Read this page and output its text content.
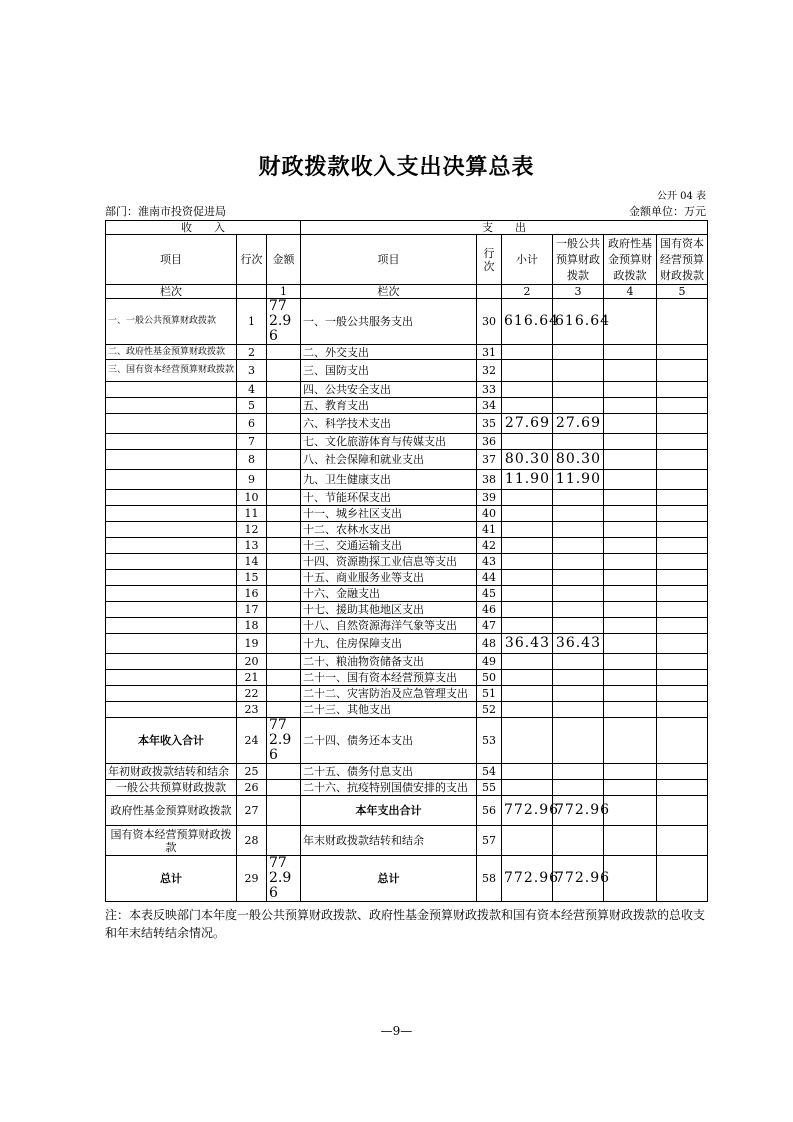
财政拨款收入支出决算总表
公开 04 表
部门：淮南市投资促进局	金额单位：万元
收　　入			支　　出					
项目	行次	金额	项目	行次	小计	一般公共预算财政拨款	政府性基金预算财政拨款	国有资本经营预算财政拨款
栏次		1	栏次		2	3	4	5
一、一般公共预算财政拨款	1	772.96	一、一般公共服务支出	30	616.64	616.64		
二、政府性基金预算财政拨款	2		二、外交支出	31				
三、国有资本经营预算财政拨款	3		三、国防支出	32				
	4		四、公共安全支出	33				
	5		五、教育支出	34				
	6		六、科学技术支出	35	27.69	27.69		
	7		七、文化旅游体育与传媒支出	36				
	8		八、社会保障和就业支出	37	80.30	80.30		
	9		九、卫生健康支出	38	11.90	11.90		
	10		十、节能环保支出	39				
	11		十一、城乡社区支出	40				
	12		十二、农林水支出	41				
	13		十三、交通运输支出	42				
	14		十四、资源勘探工业信息等支出	43				
	15		十五、商业服务业等支出	44				
	16		十六、金融支出	45				
	17		十七、援助其他地区支出	46				
	18		十八、自然资源海洋气象等支出	47				
	19		十九、住房保障支出	48	36.43	36.43		
	20		二十、粮油物资储备支出	49				
	21		二十一、国有资本经营预算支出	50				
	22		二十二、灾害防治及应急管理支出	51				
	23		二十三、其他支出	52				
本年收入合计	24	772.96	二十四、债务还本支出	53				
年初财政拨款结转和结余	25		二十五、债务付息支出	54				
一般公共预算财政拨款	26		二十六、抗疫特别国债安排的支出	55				
政府性基金预算财政拨款	27		本年支出合计	56	772.96	772.96		
国有资本经营预算财政拨款	28		年末财政拨款结转和结余	57				
总计	29	772.96	总计	58	772.96	772.96		
注：本表反映部门本年度一般公共预算财政拨款、政府性基金预算财政拨款和国有资本经营预算财政拨款的总收支和年末结转结余情况。
—9—
